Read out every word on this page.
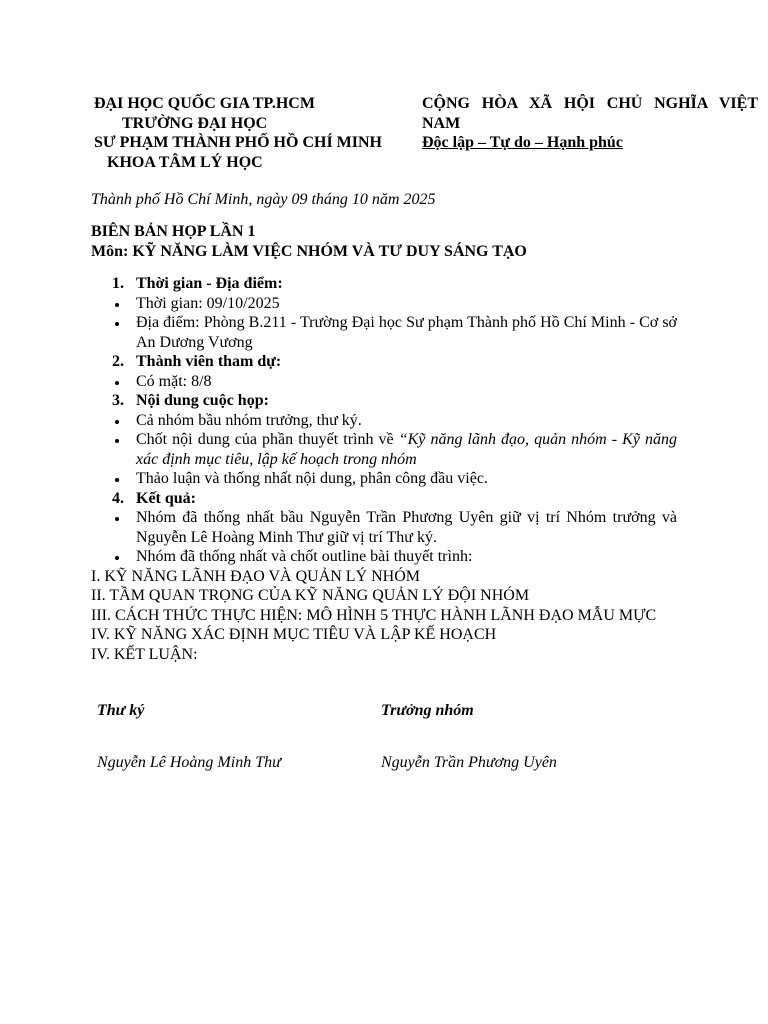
ĐẠI HỌC QUỐC GIA TP.HCM
TRƯỜNG ĐẠI HỌC
SƯ PHẠM THÀNH PHỐ HỒ CHÍ MINH
KHOA TÂM LÝ HỌC
CỘNG HÒA XÃ HỘI CHỦ NGHĨA VIỆT
NAM
Độc lập – Tự do – Hạnh phúc
Thành phố Hồ Chí Minh, ngày 09 tháng 10 năm 2025
BIÊN BẢN HỌP LẦN 1
Môn: KỸ NĂNG LÀM VIỆC NHÓM VÀ TƯ DUY SÁNG TẠO
1. Thời gian - Địa điểm:
Thời gian: 09/10/2025
Địa điểm: Phòng B.211 - Trường Đại học Sư phạm Thành phố Hồ Chí Minh - Cơ sở An Dương Vương
2. Thành viên tham dự:
Có mặt: 8/8
3. Nội dung cuộc họp:
Cả nhóm bầu nhóm trưởng, thư ký.
Chốt nội dung của phần thuyết trình về “Kỹ năng lãnh đạo, quản nhóm - Kỹ năng xác định mục tiêu, lập kế hoạch trong nhóm
Thảo luận và thống nhất nội dung, phân công đầu việc.
4. Kết quả:
Nhóm đã thống nhất bầu Nguyễn Trần Phương Uyên giữ vị trí Nhóm trưởng và Nguyễn Lê Hoàng Minh Thư giữ vị trí Thư ký.
Nhóm đã thống nhất và chốt outline bài thuyết trình:
I. KỸ NĂNG LÃNH ĐẠO VÀ QUẢN LÝ NHÓM
II. TẦM QUAN TRỌNG CỦA KỸ NĂNG QUẢN LÝ ĐỘI NHÓM
III. CÁCH THỨC THỰC HIỆN: MÔ HÌNH 5 THỰC HÀNH LÃNH ĐẠO MẪU MỰC
IV. KỸ NĂNG XÁC ĐỊNH MỤC TIÊU VÀ LẬP KẾ HOẠCH
IV. KẾT LUẬN:
Thư ký	Trưởng nhóm
Nguyễn Lê Hoàng Minh Thư	Nguyễn Trần Phương Uyên
